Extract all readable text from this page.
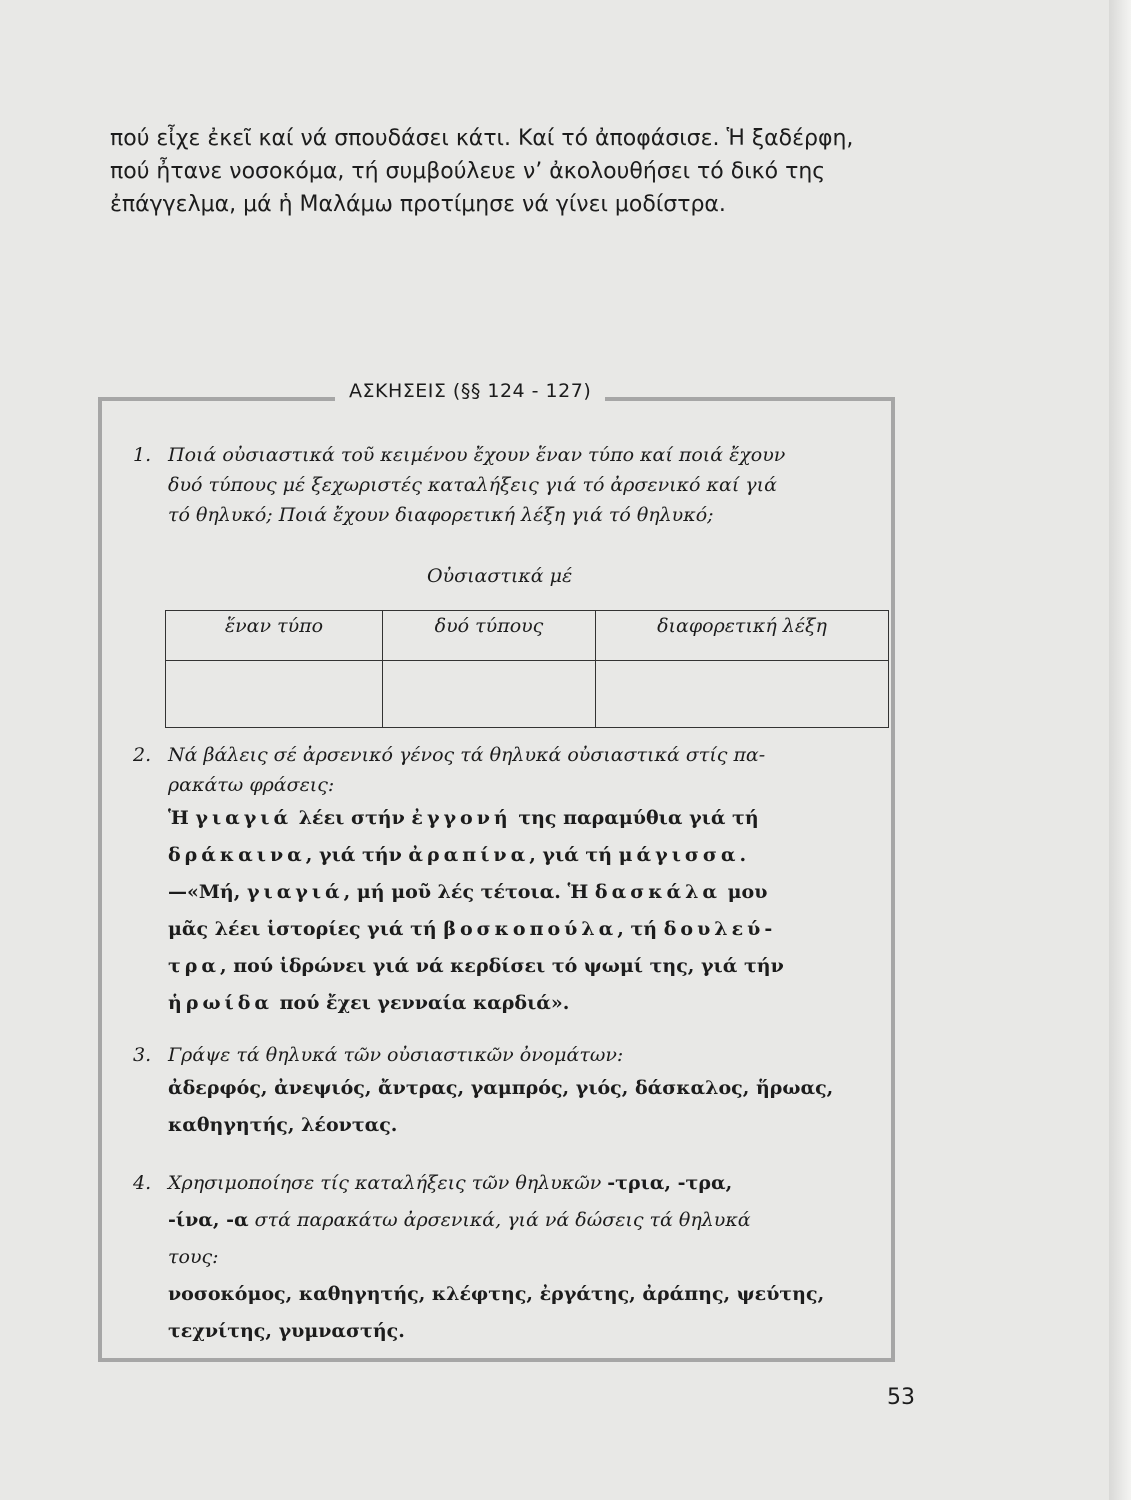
πού εἶχε ἐκεῖ καί νά σπουδάσει κάτι. Καί τό ἀποφάσισε. Ἡ ξαδέρφη,

πού ἦτανε νοσοκόμα, τή συμβούλευε ν’ ἀκολουθήσει τό δικό της

ἐπάγγελμα, μά ἡ Μαλάμω προτίμησε νά γίνει μοδίστρα.

ΑΣΚΗΣΕΙΣ (§§ 124 - 127)

1. Ποιά οὐσιαστικά τοῦ κειμένου ἔχουν ἕναν τύπο καί ποιά ἔχουν

δυό τύπους μέ ξεχωριστές καταλήξεις γιά τό ἀρσενικό καί γιά

τό θηλυκό; Ποιά ἔχουν διαφορετική λέξη γιά τό θηλυκό;

Οὐσιαστικά μέ
ἕναν τύπο	δυό τύπους	διαφορετική λέξη

2. Νά βάλεις σέ ἀρσενικό γένος τά θηλυκά οὐσιαστικά στίς πα-

ρακάτω φράσεις:

Ἡ γιαγιά λέει στήν ἐγγονή της παραμύθια γιά τή

δράκαινα, γιά τήν ἀραπίνα, γιά τή μάγισσα.

—«Μή, γιαγιά, μή μοῦ λές τέτοια. Ἡ δασκάλα μου

μᾶς λέει ἱστορίες γιά τή βοσκοπούλα, τή δουλεύ-

τρα, πού ἱδρώνει γιά νά κερδίσει τό ψωμί της, γιά τήν

ἡρωίδα πού ἔχει γενναία καρδιά».

3. Γράψε τά θηλυκά τῶν οὐσιαστικῶν ὀνομάτων:

ἀδερφός, ἀνεψιός, ἄντρας, γαμπρός, γιός, δάσκαλος, ἥρωας,

καθηγητής, λέοντας.

4. Χρησιμοποίησε τίς καταλήξεις τῶν θηλυκῶν -τρια, -τρα,

-ίνα, -α στά παρακάτω ἀρσενικά, γιά νά δώσεις τά θηλυκά

τους:

νοσοκόμος, καθηγητής, κλέφτης, ἐργάτης, ἀράπης, ψεύτης,

τεχνίτης, γυμναστής.

53
